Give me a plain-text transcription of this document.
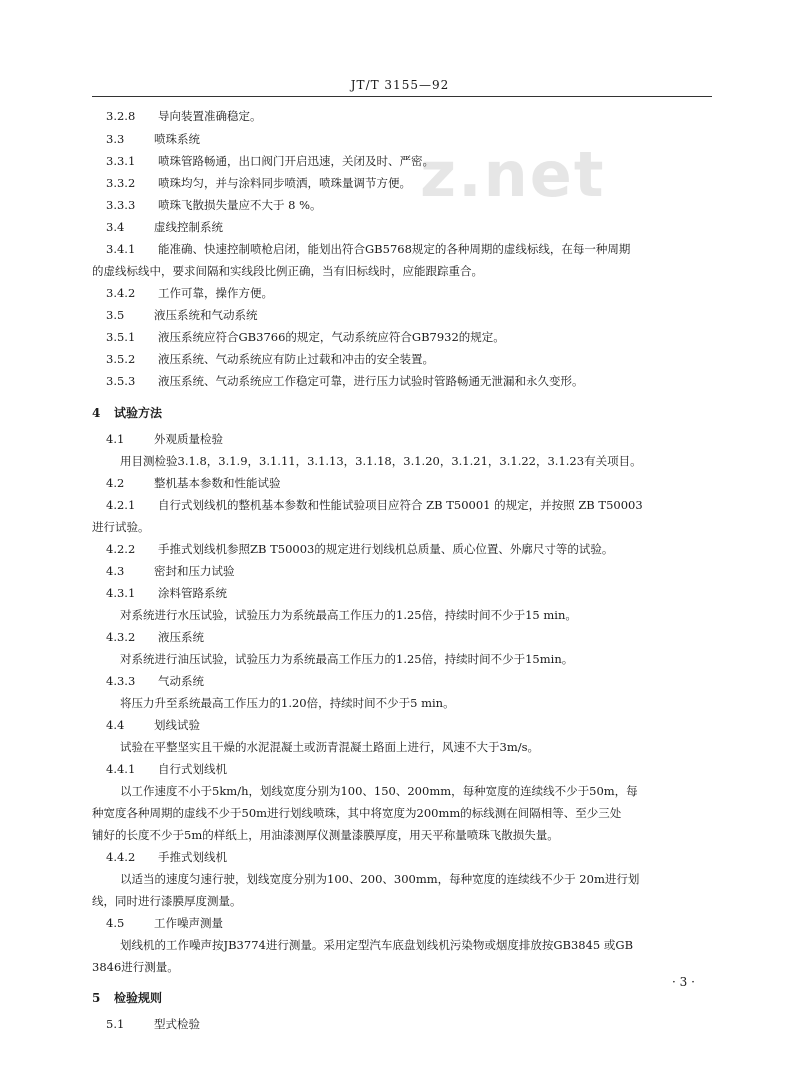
JT/T 3155—92
z.net
3.2.8 导向装置准确稳定。
3.3	喷珠系统
3.3.1 喷珠管路畅通，出口阀门开启迅速，关闭及时、严密。
3.3.2 喷珠均匀，并与涂料同步喷洒，喷珠量调节方便。
3.3.3 喷珠飞散损失量应不大于 8 %。
3.4	虚线控制系统
3.4.1 能准确、快速控制喷枪启闭，能划出符合GB5768规定的各种周期的虚线标线，在每一种周期
的虚线标线中，要求间隔和实线段比例正确，当有旧标线时，应能跟踪重合。
3.4.2 工作可靠，操作方便。
3.5	液压系统和气动系统
3.5.1 液压系统应符合GB3766的规定，气动系统应符合GB7932的规定。
3.5.2 液压系统、气动系统应有防止过载和冲击的安全装置。
3.5.3 液压系统、气动系统应工作稳定可靠，进行压力试验时管路畅通无泄漏和永久变形。
4 试验方法
4.1	外观质量检验
用目测检验3.1.8，3.1.9，3.1.11，3.1.13，3.1.18，3.1.20，3.1.21，3.1.22，3.1.23有关项目。
4.2	整机基本参数和性能试验
4.2.1 自行式划线机的整机基本参数和性能试验项目应符合 ZB T50001 的规定，并按照 ZB T50003
进行试验。
4.2.2 手推式划线机参照ZB T50003的规定进行划线机总质量、质心位置、外廓尺寸等的试验。
4.3	密封和压力试验
4.3.1 涂料管路系统
对系统进行水压试验，试验压力为系统最高工作压力的1.25倍，持续时间不少于15 min。
4.3.2 液压系统
对系统进行油压试验，试验压力为系统最高工作压力的1.25倍，持续时间不少于15min。
4.3.3 气动系统
将压力升至系统最高工作压力的1.20倍，持续时间不少于5 min。
4.4	划线试验
试验在平整坚实且干燥的水泥混凝土或沥青混凝土路面上进行，风速不大于3m/s。
4.4.1 自行式划线机
以工作速度不小于5km/h，划线宽度分别为100、150、200mm，每种宽度的连续线不少于50m，每
种宽度各种周期的虚线不少于50m进行划线喷珠，其中将宽度为200mm的标线测在间隔相等、至少三处
铺好的长度不少于5m的样纸上，用油漆测厚仪测量漆膜厚度，用天平称量喷珠飞散损失量。
4.4.2 手推式划线机
以适当的速度匀速行驶，划线宽度分别为100、200、300mm，每种宽度的连续线不少于 20m进行划
线，同时进行漆膜厚度测量。
4.5	工作噪声测量
划线机的工作噪声按JB3774进行测量。采用定型汽车底盘划线机污染物或烟度排放按GB3845 或GB
3846进行测量。
5 检验规则
5.1	型式检验
· 3 ·
